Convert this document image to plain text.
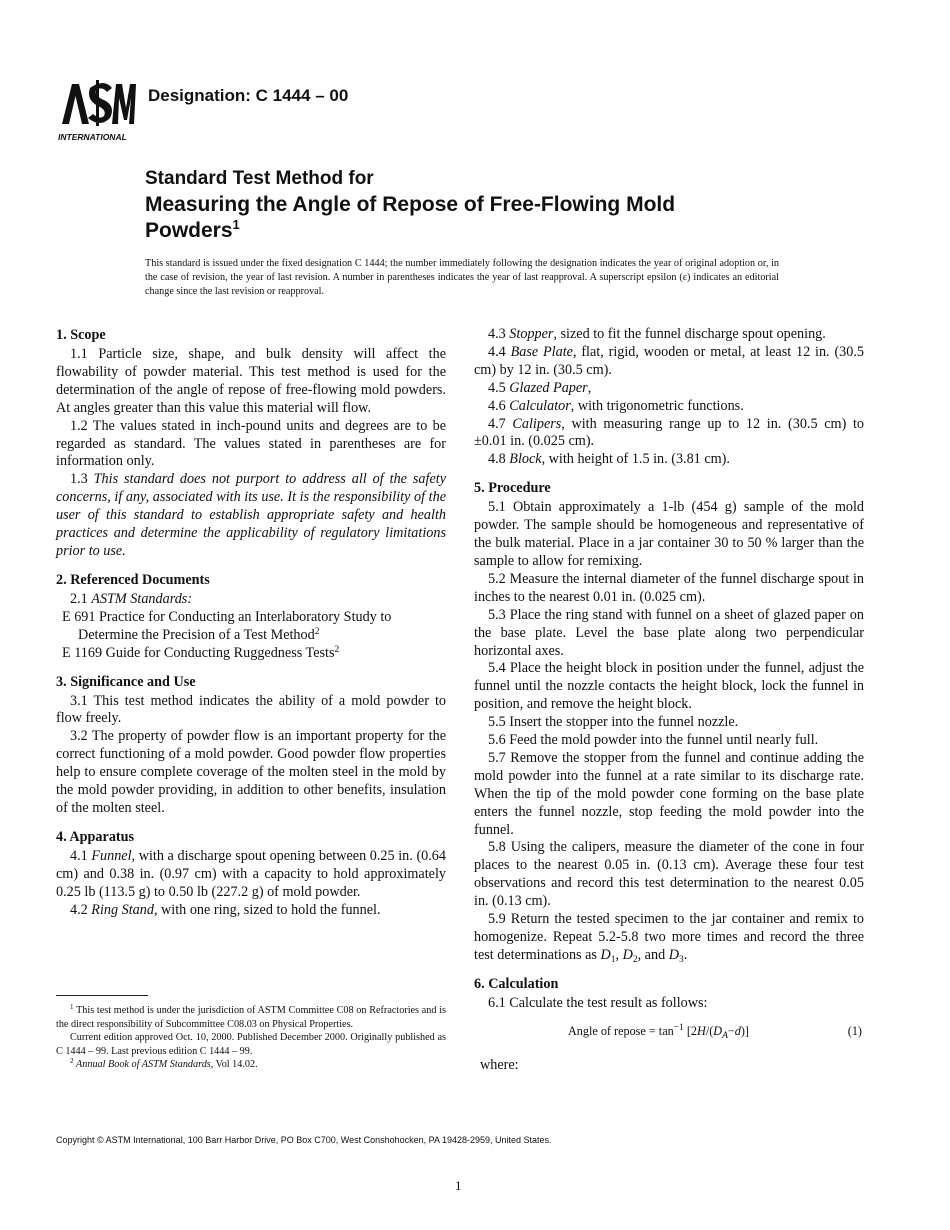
INTERNATIONAL
Designation: C 1444 – 00
Standard Test Method for
Measuring the Angle of Repose of Free-Flowing Mold
Powders$^1$
This standard is issued under the fixed designation C 1444; the number immediately following the designation indicates the year of original adoption or, in the case of revision, the year of last revision. A number in parentheses indicates the year of last reapproval. A superscript epsilon (ε) indicates an editorial change since the last revision or reapproval.
1. Scope

1.1 Particle size, shape, and bulk density will affect the flowability of powder material. This test method is used for the determination of the angle of repose of free-flowing mold powders. At angles greater than this value this material will flow.

1.2 The values stated in inch-pound units and degrees are to be regarded as standard. The values stated in parentheses are for information only.

1.3 This standard does not purport to address all of the safety concerns, if any, associated with its use. It is the responsibility of the user of this standard to establish appropriate safety and health practices and determine the applicability of regulatory limitations prior to use.

2. Referenced Documents

2.1 ASTM Standards:

E 691 Practice for Conducting an Interlaboratory Study to Determine the Precision of a Test Method$^2$

E 1169 Guide for Conducting Ruggedness Tests$^2$

3. Significance and Use

3.1 This test method indicates the ability of a mold powder to flow freely.

3.2 The property of powder flow is an important property for the correct functioning of a mold powder. Good powder flow properties help to ensure complete coverage of the molten steel in the mold by the mold powder providing, in addition to other benefits, insulation of the molten steel.

4. Apparatus

4.1 Funnel, with a discharge spout opening between 0.25 in. (0.64 cm) and 0.38 in. (0.97 cm) with a capacity to hold approximately 0.25 lb (113.5 g) to 0.50 lb (227.2 g) of mold powder.

4.2 Ring Stand, with one ring, sized to hold the funnel.

4.3 Stopper, sized to fit the funnel discharge spout opening.

4.4 Base Plate, flat, rigid, wooden or metal, at least 12 in. (30.5 cm) by 12 in. (30.5 cm).

4.5 Glazed Paper,

4.6 Calculator, with trigonometric functions.

4.7 Calipers, with measuring range up to 12 in. (30.5 cm) to ±0.01 in. (0.025 cm).

4.8 Block, with height of 1.5 in. (3.81 cm).

5. Procedure

5.1 Obtain approximately a 1-lb (454 g) sample of the mold powder. The sample should be homogeneous and representative of the bulk material. Place in a jar container 30 to 50 % larger than the sample to allow for remixing.

5.2 Measure the internal diameter of the funnel discharge spout in inches to the nearest 0.01 in. (0.025 cm).

5.3 Place the ring stand with funnel on a sheet of glazed paper on the base plate. Level the base plate along two perpendicular horizontal axes.

5.4 Place the height block in position under the funnel, adjust the funnel until the nozzle contacts the height block, lock the funnel in position, and remove the height block.

5.5 Insert the stopper into the funnel nozzle.

5.6 Feed the mold powder into the funnel until nearly full.

5.7 Remove the stopper from the funnel and continue adding the mold powder into the funnel at a rate similar to its discharge rate. When the tip of the mold powder cone forming on the base plate enters the funnel nozzle, stop feeding the mold powder into the funnel.

5.8 Using the calipers, measure the diameter of the cone in four places to the nearest 0.05 in. (0.13 cm). Average these four test observations and record this test determination to the nearest 0.05 in. (0.13 cm).

5.9 Return the tested specimen to the jar container and remix to homogenize. Repeat 5.2-5.8 two more times and record the three test determinations as $D_1$, $D_2$, and $D_3$.

6. Calculation

6.1 Calculate the test result as follows:

Angle of repose = $\tan^{-1} [2H/(D_A-d)]$	(1)
where:

$^1$ This test method is under the jurisdiction of ASTM Committee C08 on Refractories and is the direct responsibility of Subcommittee C08.03 on Physical Properties.

Current edition approved Oct. 10, 2000. Published December 2000. Originally published as C 1444 – 99. Last previous edition C 1444 – 99.

$^2$ Annual Book of ASTM Standards, Vol 14.02.

Copyright © ASTM International, 100 Barr Harbor Drive, PO Box C700, West Conshohocken, PA 19428-2959, United States.
1
